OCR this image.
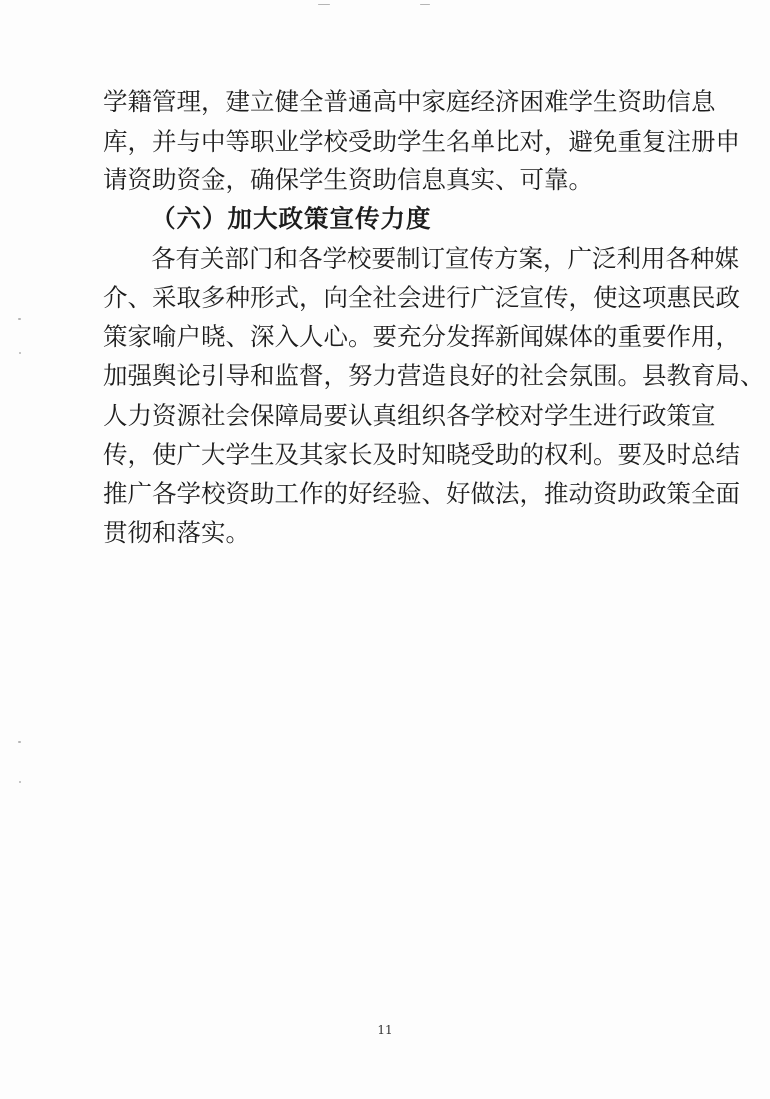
学籍管理，建立健全普通高中家庭经济困难学生资助信息
库，并与中等职业学校受助学生名单比对，避免重复注册申
请资助资金，确保学生资助信息真实、可靠。
（六）加大政策宣传力度
各有关部门和各学校要制订宣传方案，广泛利用各种媒
介、采取多种形式，向全社会进行广泛宣传，使这项惠民政
策家喻户晓、深入人心。要充分发挥新闻媒体的重要作用，
加强舆论引导和监督，努力营造良好的社会氛围。县教育局、
人力资源社会保障局要认真组织各学校对学生进行政策宣
传，使广大学生及其家长及时知晓受助的权利。要及时总结
推广各学校资助工作的好经验、好做法，推动资助政策全面
贯彻和落实。
11
